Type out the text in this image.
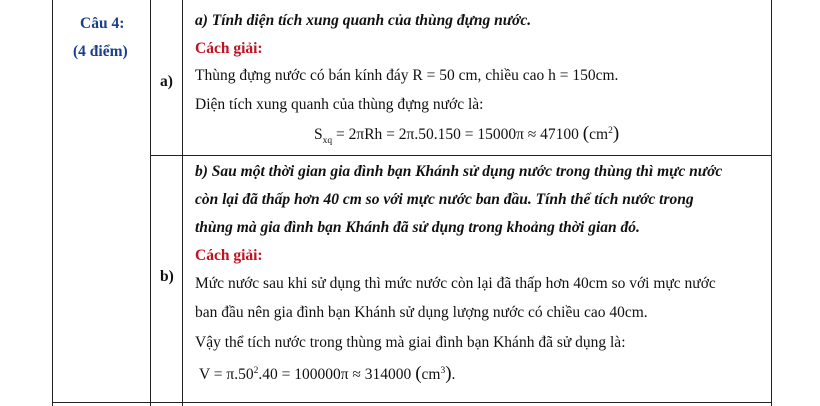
Câu 4:
(4 điểm)
a)
a) Tính diện tích xung quanh của thùng đựng nước.
Cách giải:
Thùng đựng nước có bán kính đáy R = 50 cm, chiều cao h = 150cm.
Diện tích xung quanh của thùng đựng nước là:
$S_{xq} = 2\pi Rh = 2\pi.50.150 = 15000\pi \approx 47100$ $(cm^2)$
b)
b) Sau một thời gian gia đình bạn Khánh sử dụng nước trong thùng thì mực nước
còn lại đã thấp hơn 40 cm so với mực nước ban đầu. Tính thể tích nước trong
thùng mà gia đình bạn Khánh đã sử dụng trong khoảng thời gian đó.
Cách giải:
Mức nước sau khi sử dụng thì mức nước còn lại đã thấp hơn 40cm so với mực nước
ban đầu nên gia đình bạn Khánh sử dụng lượng nước có chiều cao 40cm.
Vậy thể tích nước trong thùng mà giai đình bạn Khánh đã sử dụng là:
$V = \pi.50^2.40 = 100000\pi \approx 314000$ $(cm^3)$.
